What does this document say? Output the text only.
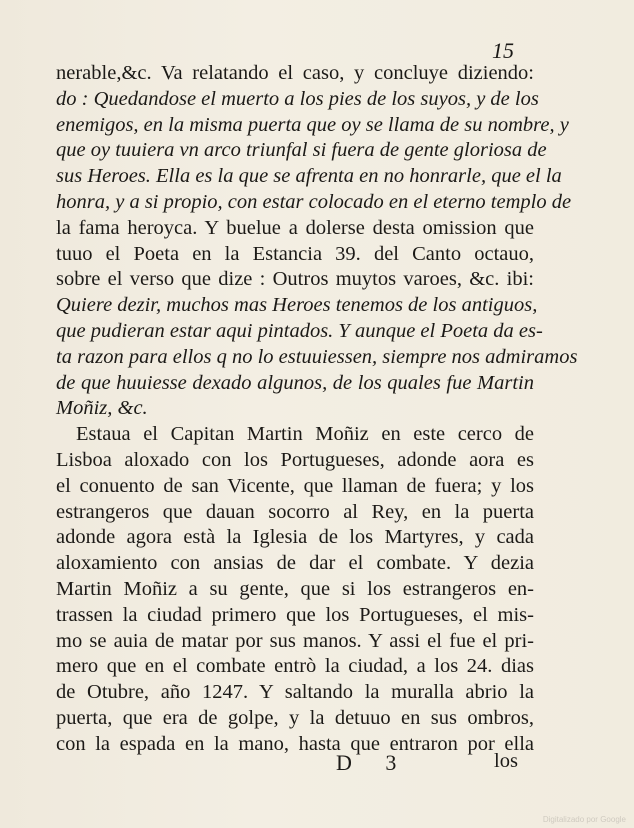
15
nerable,&c. Va relatando el caso, y concluye diziendo:
do : Quedandose el muerto a los pies de los suyos, y de los
enemigos, en la misma puerta que oy se llama de su nombre, y
que oy tuuiera vn arco triunfal si fuera de gente gloriosa de
sus Heroes. Ella es la que se afrenta en no honrarle, que el la
honra, y a si propio, con estar colocado en el eterno templo de
la fama heroyca. Y buelue a dolerse desta omission que
tuuo el Poeta en la Estancia 39. del Canto octauo,
sobre el verso que dize : Outros muytos varoes, &c. ibi:
Quiere dezir, muchos mas Heroes tenemos de los antiguos,
que pudieran estar aqui pintados. Y aunque el Poeta da es-
ta razon para ellos q no lo estuuiessen, siempre nos admiramos
de que huuiesse dexado algunos, de los quales fue Martin
Moñiz, &c.
Estaua el Capitan Martin Moñiz en este cerco de
Lisboa aloxado con los Portugueses, adonde aora es
el conuento de san Vicente, que llaman de fuera; y los
estrangeros que dauan socorro al Rey, en la puerta
adonde agora està la Iglesia de los Martyres, y cada
aloxamiento con ansias de dar el combate. Y dezia
Martin Moñiz a su gente, que si los estrangeros en-
trassen la ciudad primero que los Portugueses, el mis-
mo se auia de matar por sus manos. Y assi el fue el pri-
mero que en el combate entrò la ciudad, a los 24. dias
de Otubre, año 1247. Y saltando la muralla abrio la
puerta, que era de golpe, y la detuuo en sus ombros,
con la espada en la mano, hasta que entraron por ella
D 3	los
Digitalizado por Google
